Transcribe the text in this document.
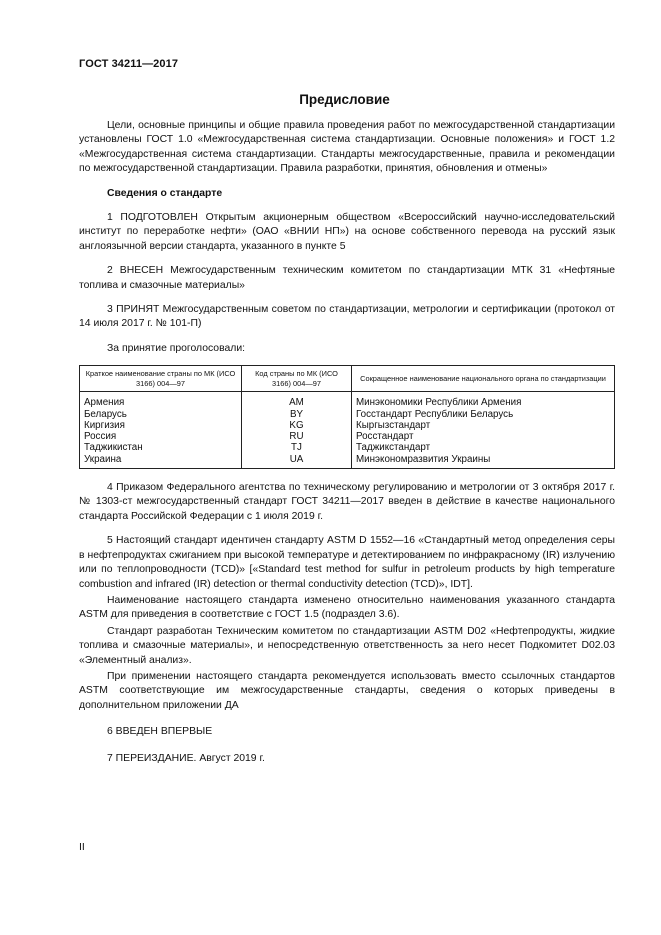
ГОСТ 34211—2017
Предисловие

Цели, основные принципы и общие правила проведения работ по межгосударственной стандартизации установлены ГОСТ 1.0 «Межгосударственная система стандартизации. Основные положения» и ГОСТ 1.2 «Межгосударственная система стандартизации. Стандарты межгосударственные, правила и рекомендации по межгосударственной стандартизации. Правила разработки, принятия, обновления и отмены»

Сведения о стандарте

1 ПОДГОТОВЛЕН Открытым акционерным обществом «Всероссийский научно-исследовательский институт по переработке нефти» (ОАО «ВНИИ НП») на основе собственного перевода на русский язык англоязычной версии стандарта, указанного в пункте 5

2 ВНЕСЕН Межгосударственным техническим комитетом по стандартизации МТК 31 «Нефтяные топлива и смазочные материалы»

3 ПРИНЯТ Межгосударственным советом по стандартизации, метрологии и сертификации (протокол от 14 июля 2017 г. № 101-П)

За принятие проголосовали:

Краткое наименование страны по МК (ИСО 3166) 004—97	Код страны по МК (ИСО 3166) 004—97	Сокращенное наименование национального органа по стандартизации
Армения	AM	Минэкономики Республики Армения
Беларусь	BY	Госстандарт Республики Беларусь
Киргизия	KG	Кыргызстандарт
Россия	RU	Росстандарт
Таджикистан	TJ	Таджикстандарт
Украина	UA	Минэкономразвития Украины

4 Приказом Федерального агентства по техническому регулированию и метрологии от 3 октября 2017 г. № 1303-ст межгосударственный стандарт ГОСТ 34211—2017 введен в действие в качестве национального стандарта Российской Федерации с 1 июля 2019 г.

5 Настоящий стандарт идентичен стандарту ASTM D 1552—16 «Стандартный метод определения серы в нефтепродуктах сжиганием при высокой температуре и детектированием по инфракрасному (IR) излучению или по теплопроводности (TCD)» [«Standard test method for sulfur in petroleum products by high temperature combustion and infrared (IR) detection or thermal conductivity detection (TCD)», IDT].

Наименование настоящего стандарта изменено относительно наименования указанного стандарта ASTM для приведения в соответствие с ГОСТ 1.5 (подраздел 3.6).

Стандарт разработан Техническим комитетом по стандартизации ASTM D02 «Нефтепродукты, жидкие топлива и смазочные материалы», и непосредственную ответственность за него несет Подкомитет D02.03 «Элементный анализ».

При применении настоящего стандарта рекомендуется использовать вместо ссылочных стандартов ASTM соответствующие им межгосударственные стандарты, сведения о которых приведены в дополнительном приложении ДА

6 ВВЕДЕН ВПЕРВЫЕ

7 ПЕРЕИЗДАНИЕ. Август 2019 г.

II
